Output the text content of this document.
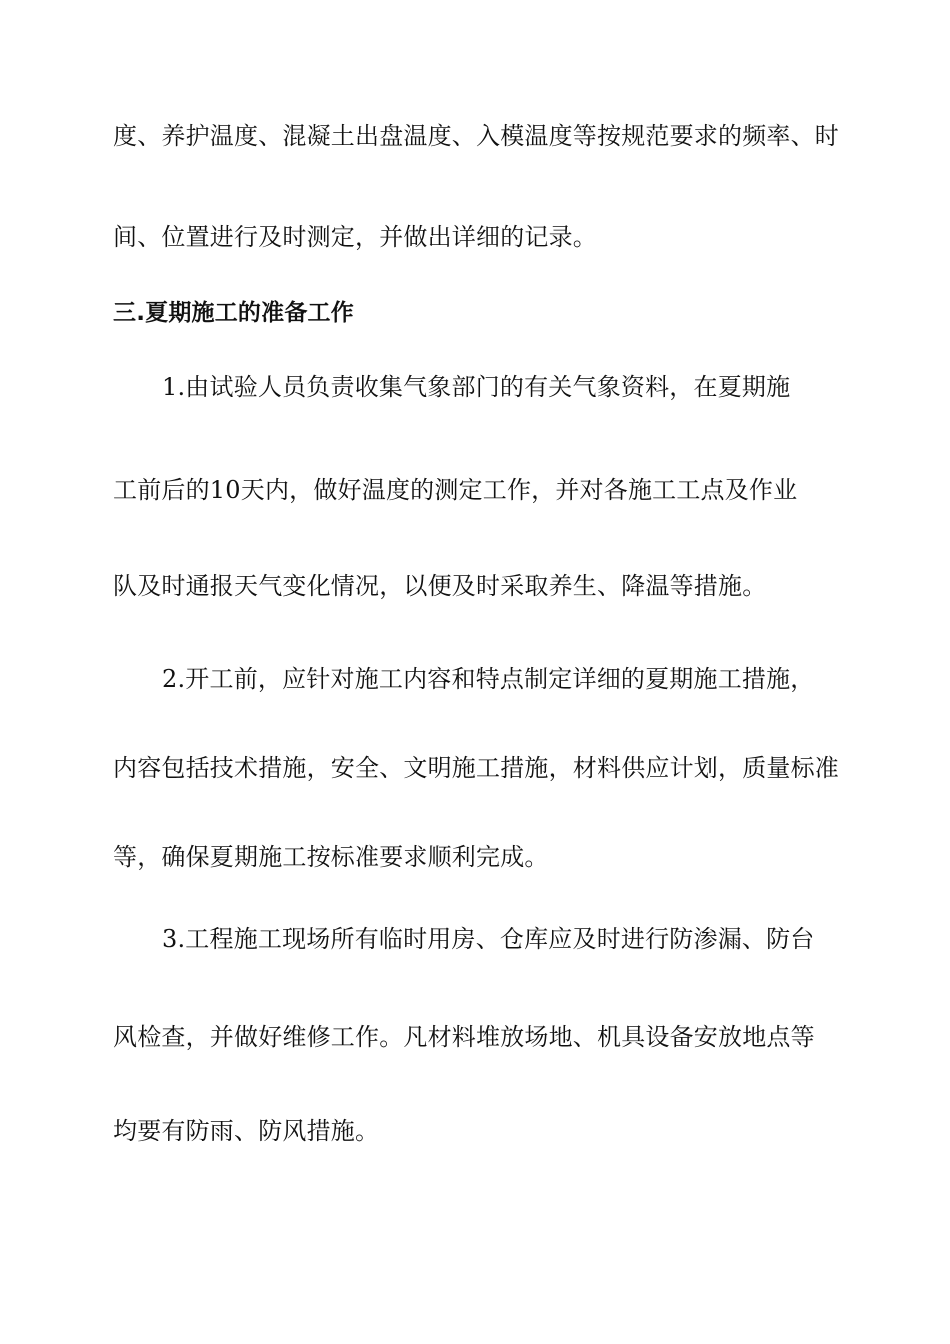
度、养护温度、混凝土出盘温度、入模温度等按规范要求的频率、时
间、位置进行及时测定，并做出详细的记录。
三.夏期施工的准备工作
1.由试验人员负责收集气象部门的有关气象资料，在夏期施
工前后的10天内，做好温度的测定工作，并对各施工工点及作业
队及时通报天气变化情况，以便及时采取养生、降温等措施。
2.开工前，应针对施工内容和特点制定详细的夏期施工措施，
内容包括技术措施，安全、文明施工措施，材料供应计划，质量标准
等，确保夏期施工按标准要求顺利完成。
3.工程施工现场所有临时用房、仓库应及时进行防渗漏、防台
风检查，并做好维修工作。凡材料堆放场地、机具设备安放地点等
均要有防雨、防风措施。
